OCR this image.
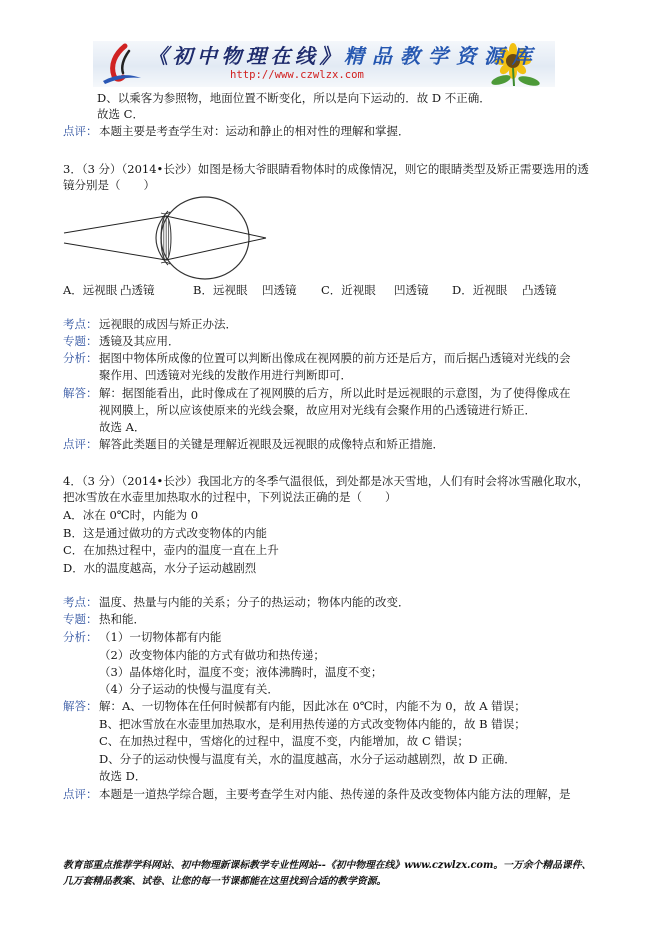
《初中物理在线》精品教学资源库
http://www.czwlzx.com
D、以乘客为参照物，地面位置不断变化，所以是向下运动的．故 D 不正确．
故选 C．
点评： 本题主要是考查学生对：运动和静止的相对性的理解和掌握．
3．（3 分）（2014•长沙）如图是杨大爷眼睛看物体时的成像情况，则它的眼睛类型及矫正需要选用的透
镜分别是（　　）
A．远视眼 凸透镜	B．远视眼 凹透镜 C．近视眼 凹透镜 D．近视眼 凸透镜
考点： 远视眼的成因与矫正办法．
专题： 透镜及其应用．
分析： 据图中物体所成像的位置可以判断出像成在视网膜的前方还是后方，而后据凸透镜对光线的会
聚作用、凹透镜对光线的发散作用进行判断即可．
解答： 解：据图能看出，此时像成在了视网膜的后方，所以此时是远视眼的示意图，为了使得像成在
视网膜上，所以应该使原来的光线会聚，故应用对光线有会聚作用的凸透镜进行矫正．
故选 A．
点评： 解答此类题目的关键是理解近视眼及远视眼的成像特点和矫正措施．
4．（3 分）（2014•长沙）我国北方的冬季气温很低，到处都是冰天雪地，人们有时会将冰雪融化取水，
把冰雪放在水壶里加热取水的过程中，下列说法正确的是（　　）
A．冰在 0℃时，内能为 0
B．这是通过做功的方式改变物体的内能
C．在加热过程中，壶内的温度一直在上升
D．水的温度越高，水分子运动越剧烈
考点： 温度、热量与内能的关系；分子的热运动；物体内能的改变．
专题： 热和能．
分析： （1）一切物体都有内能
（2）改变物体内能的方式有做功和热传递；
（3）晶体熔化时，温度不变；液体沸腾时，温度不变；
（4）分子运动的快慢与温度有关．
解答： 解：A、一切物体在任何时候都有内能，因此冰在 0℃时，内能不为 0，故 A 错误；
B、把冰雪放在水壶里加热取水，是利用热传递的方式改变物体内能的，故 B 错误；
C、在加热过程中，雪熔化的过程中，温度不变，内能增加，故 C 错误；
D、分子的运动快慢与温度有关，水的温度越高，水分子运动越剧烈，故 D 正确．
故选 D．
点评： 本题是一道热学综合题，主要考查学生对内能、热传递的条件及改变物体内能方法的理解，是
教育部重点推荐学科网站、初中物理新课标教学专业性网站--《初中物理在线》www.czwlzx.com。一万余个精品课件、
几万套精品教案、试卷、让您的每一节课都能在这里找到合适的教学资源。
